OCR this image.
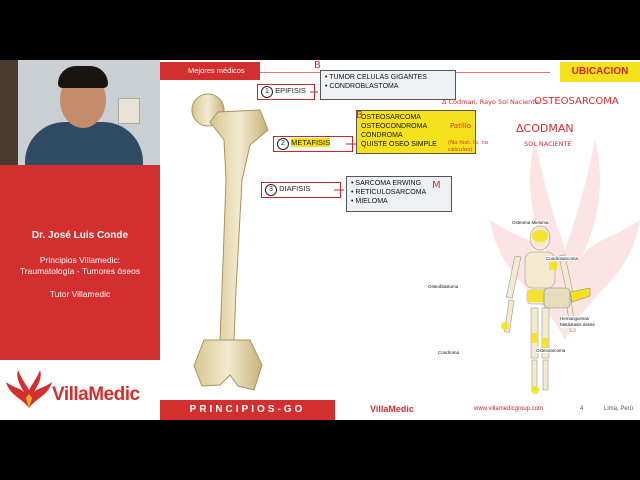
Dr. José Luis Conde
Principios Villamedic:
Traumatología - Tumores óseos
Tutor Villamedic
VillaMedic
Mejores médicos	UBICACION
1 EPIFISIS
2 METAFISIS
3 DIAFISIS
• TUMOR CELULAS GIGANTES
• CONDROBLASTOMA
B
OSTEOSARCOMA
OSTEOCONDROMA
CONDROMA
QUISTE OSEO SIMPLE
B
Δ Codman, Rayo Sol Naciente
Patillo
(No hist. lb, no cálculos)
• SARCOMA ERWING
• RETICULOSARCOMA
• MIELOMA
M
OSTEOSARCOMA
ΔCODMAN
SOL NACIENTE
Osteoma Mieloma
Condrosarcoma
Osteoblastoma
Hemangiomas Metástasis óseas
Condroma	Osteosarcoma
PRINCIPIOS-GO	VillaMedic	www.villamedicgroup.com	4	Lima, Perú
